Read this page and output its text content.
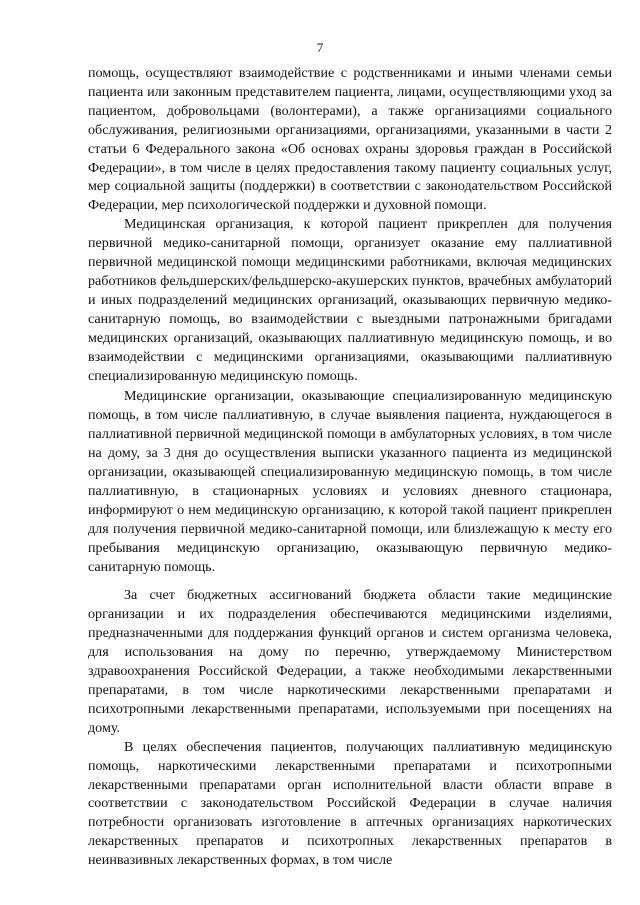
7

помощь, осуществляют взаимодействие с родственниками и иными членами семьи пациента или законным представителем пациента, лицами, осуществляющими уход за пациентом, добровольцами (волонтерами), а также организациями социального обслуживания, религиозными организациями, организациями, указанными в части 2 статьи 6 Федерального закона «Об основах охраны здоровья граждан в Российской Федерации», в том числе в целях предоставления такому пациенту социальных услуг, мер социальной защиты (поддержки) в соответствии с законодательством Российской Федерации, мер психологической поддержки и духовной помощи.

Медицинская организация, к которой пациент прикреплен для получения первичной медико-санитарной помощи, организует оказание ему паллиативной первичной медицинской помощи медицинскими работниками, включая медицинских работников фельдшерских/фельдшерско-акушерских пунктов, врачебных амбулаторий и иных подразделений медицинских организаций, оказывающих первичную медико-санитарную помощь, во взаимодействии с выездными патронажными бригадами медицинских организаций, оказывающих паллиативную медицинскую помощь, и во взаимодействии с медицинскими организациями, оказывающими паллиативную специализированную медицинскую помощь.

Медицинские организации, оказывающие специализированную медицинскую помощь, в том числе паллиативную, в случае выявления пациента, нуждающегося в паллиативной первичной медицинской помощи в амбулаторных условиях, в том числе на дому, за 3 дня до осуществления выписки указанного пациента из медицинской организации, оказывающей специализированную медицинскую помощь, в том числе паллиативную, в стационарных условиях и условиях дневного стационара, информируют о нем медицинскую организацию, к которой такой пациент прикреплен для получения первичной медико-санитарной помощи, или близлежащую к месту его пребывания медицинскую организацию, оказывающую первичную медико-санитарную помощь.

За счет бюджетных ассигнований бюджета области такие медицинские организации и их подразделения обеспечиваются медицинскими изделиями, предназначенными для поддержания функций органов и систем организма человека, для использования на дому по перечню, утверждаемому Министерством здравоохранения Российской Федерации, а также необходимыми лекарственными препаратами, в том числе наркотическими лекарственными препаратами и психотропными лекарственными препаратами, используемыми при посещениях на дому.

В целях обеспечения пациентов, получающих паллиативную медицинскую помощь, наркотическими лекарственными препаратами и психотропными лекарственными препаратами орган исполнительной власти области вправе в соответствии с законодательством Российской Федерации в случае наличия потребности организовать изготовление в аптечных организациях наркотических лекарственных препаратов и психотропных лекарственных препаратов в неинвазивных лекарственных формах, в том числе
